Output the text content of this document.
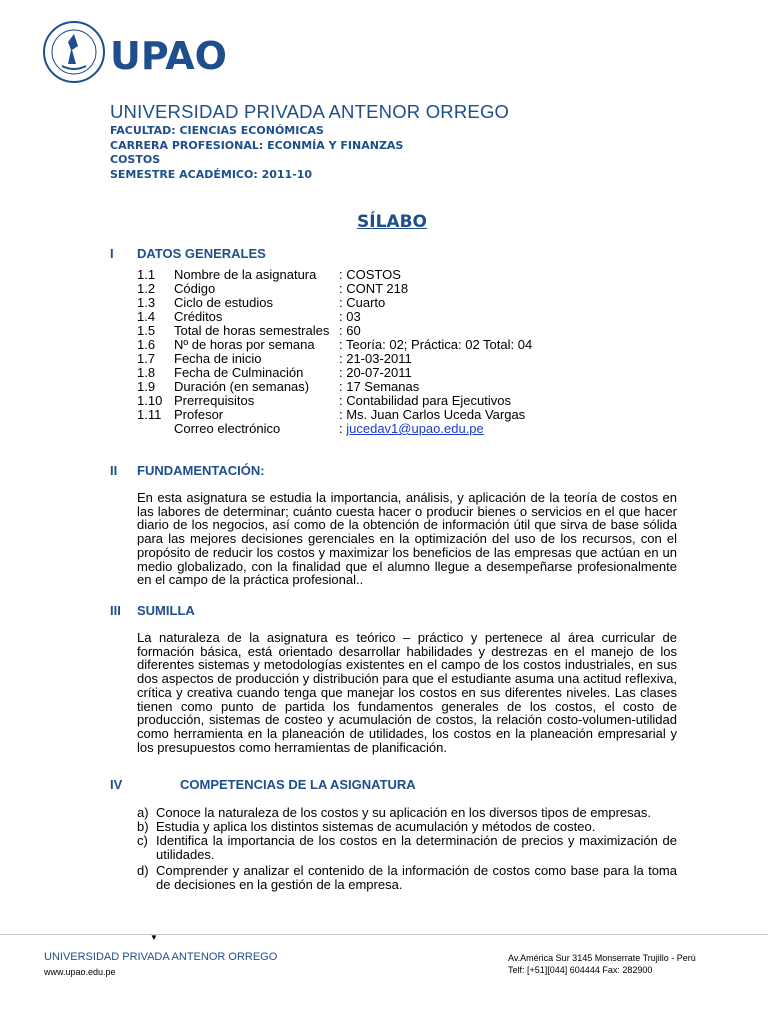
UPAO
UNIVERSIDAD PRIVADA ANTENOR ORREGO
FACULTAD: CIENCIAS ECONÓMICAS
CARRERA PROFESIONAL: ECONMÍA Y FINANZAS
COSTOS
SEMESTRE ACADÉMICO: 2011-10
SÍLABO
I DATOS GENERALES
1.1 Nombre de la asignatura : COSTOS
1.2 Código	: CONT 218
1.3 Ciclo de estudios	: Cuarto
1.4 Créditos	: 03
1.5 Total de horas semestrales : 60
1.6 Nº de horas por semana : Teoría: 02; Práctica: 02 Total: 04
1.7 Fecha de inicio	: 21-03-2011
1.8 Fecha de Culminación	: 20-07-2011
1.9 Duración (en semanas) : 17 Semanas
1.10 Prerrequisitos	: Contabilidad para Ejecutivos
1.11 Profesor	: Ms. Juan Carlos Uceda Vargas
Correo electrónico	: jucedav1@upao.edu.pe
II FUNDAMENTACIÓN:
En esta asignatura se estudia la importancia, análisis, y aplicación de la teoría de costos en las labores de determinar; cuánto cuesta hacer o producir bienes o servicios en el que hacer diario de los negocios, así como de la obtención de información útil que sirva de base sólida para las mejores decisiones gerenciales en la optimización del uso de los recursos, con el propósito de reducir los costos y maximizar los beneficios de las empresas que actúan en un medio globalizado, con la finalidad que el alumno llegue a desempeñarse profesionalmente en el campo de la práctica profesional..
III SUMILLA
La naturaleza de la asignatura es teórico – práctico y pertenece al área curricular de formación básica, está orientado desarrollar habilidades y destrezas en el manejo de los diferentes sistemas y metodologías existentes en el campo de los costos industriales, en sus dos aspectos de producción y distribución para que el estudiante asuma una actitud reflexiva, crítica y creativa cuando tenga que manejar los costos en sus diferentes niveles. Las clases tienen como punto de partida los fundamentos generales de los costos, el costo de producción, sistemas de costeo y acumulación de costos, la relación costo-volumen-utilidad como herramienta en la planeación de utilidades, los costos en la planeación empresarial y los presupuestos como herramientas de planificación.
IV	COMPETENCIAS DE LA ASIGNATURA
a) Conoce la naturaleza de los costos y su aplicación en los diversos tipos de empresas.
b) Estudia y aplica los distintos sistemas de acumulación y métodos de costeo.
c) Identifica la importancia de los costos en la determinación de precios y maximización de utilidades.
d) Comprender y analizar el contenido de la información de costos como base para la toma de decisiones en la gestión de la empresa.
▼
UNIVERSIDAD PRIVADA ANTENOR ORREGO
www.upao.edu.pe
Av.América Sur 3145 Monserrate Trujillo - Perú
Telf: [+51][044] 604444 Fax: 282900
